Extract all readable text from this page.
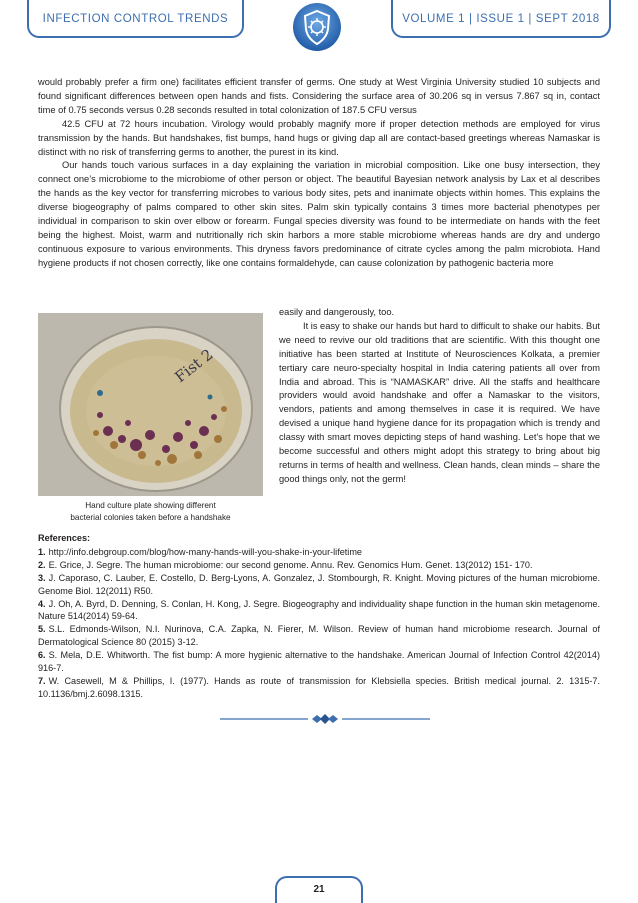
INFECTION CONTROL TRENDS	VOLUME 1 | ISSUE 1 | SEPT 2018

would probably prefer a firm one) facilitates efficient transfer of germs. One study at West Virginia University studied 10 subjects and found significant differences between open hands and fists. Considering the surface area of 30.206 sq in versus 7.867 sq in, contact time of 0.75 seconds versus 0.28 seconds resulted in total colonization of 187.5 CFU versus

42.5 CFU at 72 hours incubation. Virology would probably magnify more if proper detection methods are employed for virus transmission by the hands. But handshakes, fist bumps, hand hugs or giving dap all are contact-based greetings whereas Namaskar is distinct with no risk of transferring germs to another, the purest in its kind.

Our hands touch various surfaces in a day explaining the variation in microbial composition. Like one busy intersection, they connect one’s microbiome to the microbiome of other person or object. The beautiful Bayesian network analysis by Lax et al describes the hands as the key vector for transferring microbes to various body sites, pets and inanimate objects within homes. This explains the diverse biogeography of palms compared to other skin sites. Palm skin typically contains 3 times more bacterial phenotypes per individual in comparison to skin over elbow or forearm. Fungal species diversity was found to be intermediate on hands with the feet being the highest. Moist, warm and nutritionally rich skin harbors a more stable microbiome whereas hands are dry and undergo continuous exposure to various environments. This dryness favors predominance of citrate cycles among the palm microbiota. Hand hygiene products if not chosen correctly, like one contains formaldehyde, can cause colonization by pathogenic bacteria more

Fist 2
Hand culture plate showing different
bacterial colonies taken before a handshake

easily and dangerously, too.

It is easy to shake our hands but hard to difficult to shake our habits. But we need to revive our old traditions that are scientific. With this thought one initiative has been started at Institute of Neurosciences Kolkata, a premier tertiary care neuro-specialty hospital in India catering patients all over from India and abroad. This is “NAMASKAR” drive. All the staffs and healthcare providers would avoid handshake and offer a Namaskar to the visitors, vendors, patients and among themselves in case it is required. We have devised a unique hand hygiene dance for its propagation which is trendy and classy with smart moves depicting steps of hand washing. Let’s hope that we become successful and others might adopt this strategy to bring about big returns in terms of health and wellness. Clean hands, clean minds – share the good things only, not the germ!

References:

1. http://info.debgroup.com/blog/how-many-hands-will-you-shake-in-your-lifetime

2. E. Grice, J. Segre. The human microbiome: our second genome. Annu. Rev. Genomics Hum. Genet. 13(2012) 151- 170.

3. J. Caporaso, C. Lauber, E. Costello, D. Berg-Lyons, A. Gonzalez, J. Stombourgh, R. Knight. Moving pictures of the human microbiome. Genome Biol. 12(2011) R50.

4. J. Oh, A. Byrd, D. Denning, S. Conlan, H. Kong, J. Segre. Biogeography and individuality shape function in the human skin metagenome. Nature 514(2014) 59-64.

5. S.L. Edmonds-Wilson, N.I. Nurinova, C.A. Zapka, N. Fierer, M. Wilson. Review of human hand microbiome research. Journal of Dermatological Science 80 (2015) 3-12.

6. S. Mela, D.E. Whitworth. The fist bump: A more hygienic alternative to the handshake. American Journal of Infection Control 42(2014) 916-7.

7. W. Casewell, M & Phillips, I. (1977). Hands as route of transmission for Klebsiella species. British medical journal. 2. 1315-7. 10.1136/bmj.2.6098.1315.

21
